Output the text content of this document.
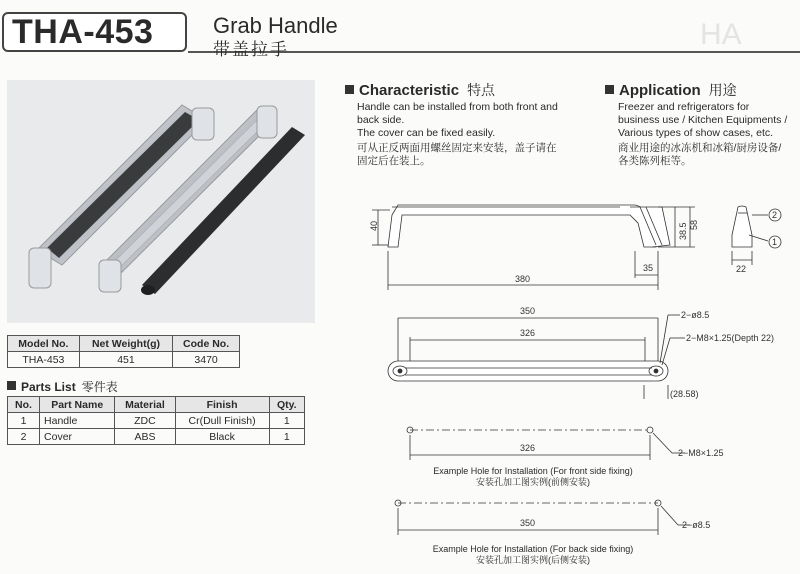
THA-453	Grab Handle
带盖拉手	HA
Characteristic 特点
Handle can be installed from both front and
back side.
The cover can be fixed easily.
可从正反两面用螺丝固定来安装，盖子请在
固定后在装上。
Application 用途
Freezer and refrigerators for
business use / Kitchen Equipments /
Various types of show cases, etc.
商业用途的冰冻机和冰箱/厨房设备/
各类陈列柜等。
Model No.	Net Weight(g)	Code No.
THA-453	451	3470
Parts List 零件表
No.	Part Name	Material	Finish	Qty.
1	Handle	ZDC	Cr(Dull Finish)	1
2	Cover	ABS	Black	1
40
380
35
38.5 58
2
1
22
350
326
2−ø8.5
2−M8×1.25(Depth 22)
(28.58)
326	2−M8×1.25
350	2−ø8.5
Example Hole for Installation (For front side fixing)
安装孔加工图实例(前侧安装)
Example Hole for Installation (For back side fixing)
安装孔加工图实例(后侧安装)
